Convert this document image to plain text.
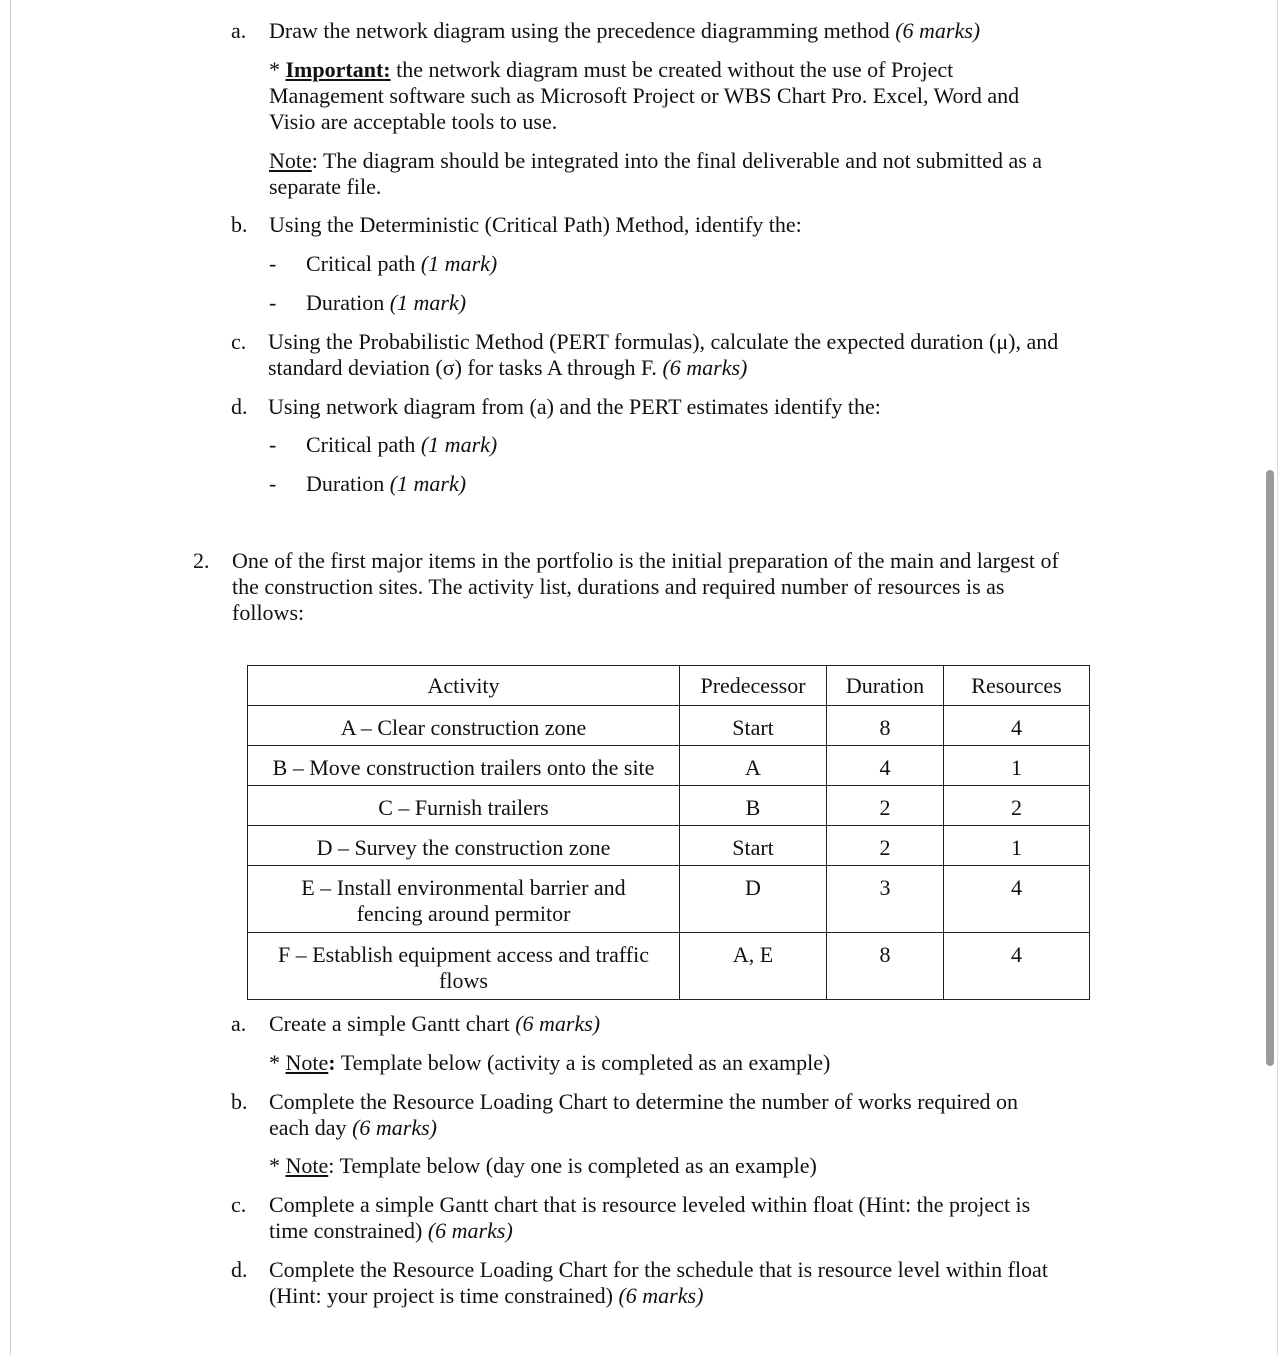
a. Draw the network diagram using the precedence diagramming method (6 marks)
* Important: the network diagram must be created without the use of Project
Management software such as Microsoft Project or WBS Chart Pro. Excel, Word and
Visio are acceptable tools to use.
Note: The diagram should be integrated into the final deliverable and not submitted as a
separate file.
b. Using the Deterministic (Critical Path) Method, identify the:
- Critical path (1 mark)
- Duration (1 mark)
c. Using the Probabilistic Method (PERT formulas), calculate the expected duration (μ), and
standard deviation (σ) for tasks A through F. (6 marks)
d. Using network diagram from (a) and the PERT estimates identify the:
- Critical path (1 mark)
- Duration (1 mark)
2. One of the first major items in the portfolio is the initial preparation of the main and largest of
the construction sites. The activity list, durations and required number of resources is as
follows:
Activity	Predecessor	Duration	Resources
A – Clear construction zone	Start	8	4
B – Move construction trailers onto the site	A	4	1
C – Furnish trailers	B	2	2
D – Survey the construction zone	Start	2	1

E – Install environmental barrier and
fencing around permitor	D	3	4

F – Establish equipment access and traffic
flows	A, E	8	4
a. Create a simple Gantt chart (6 marks)
* Note: Template below (activity a is completed as an example)
b. Complete the Resource Loading Chart to determine the number of works required on
each day (6 marks)
* Note: Template below (day one is completed as an example)
c. Complete a simple Gantt chart that is resource leveled within float (Hint: the project is
time constrained) (6 marks)
d. Complete the Resource Loading Chart for the schedule that is resource level within float
(Hint: your project is time constrained) (6 marks)
